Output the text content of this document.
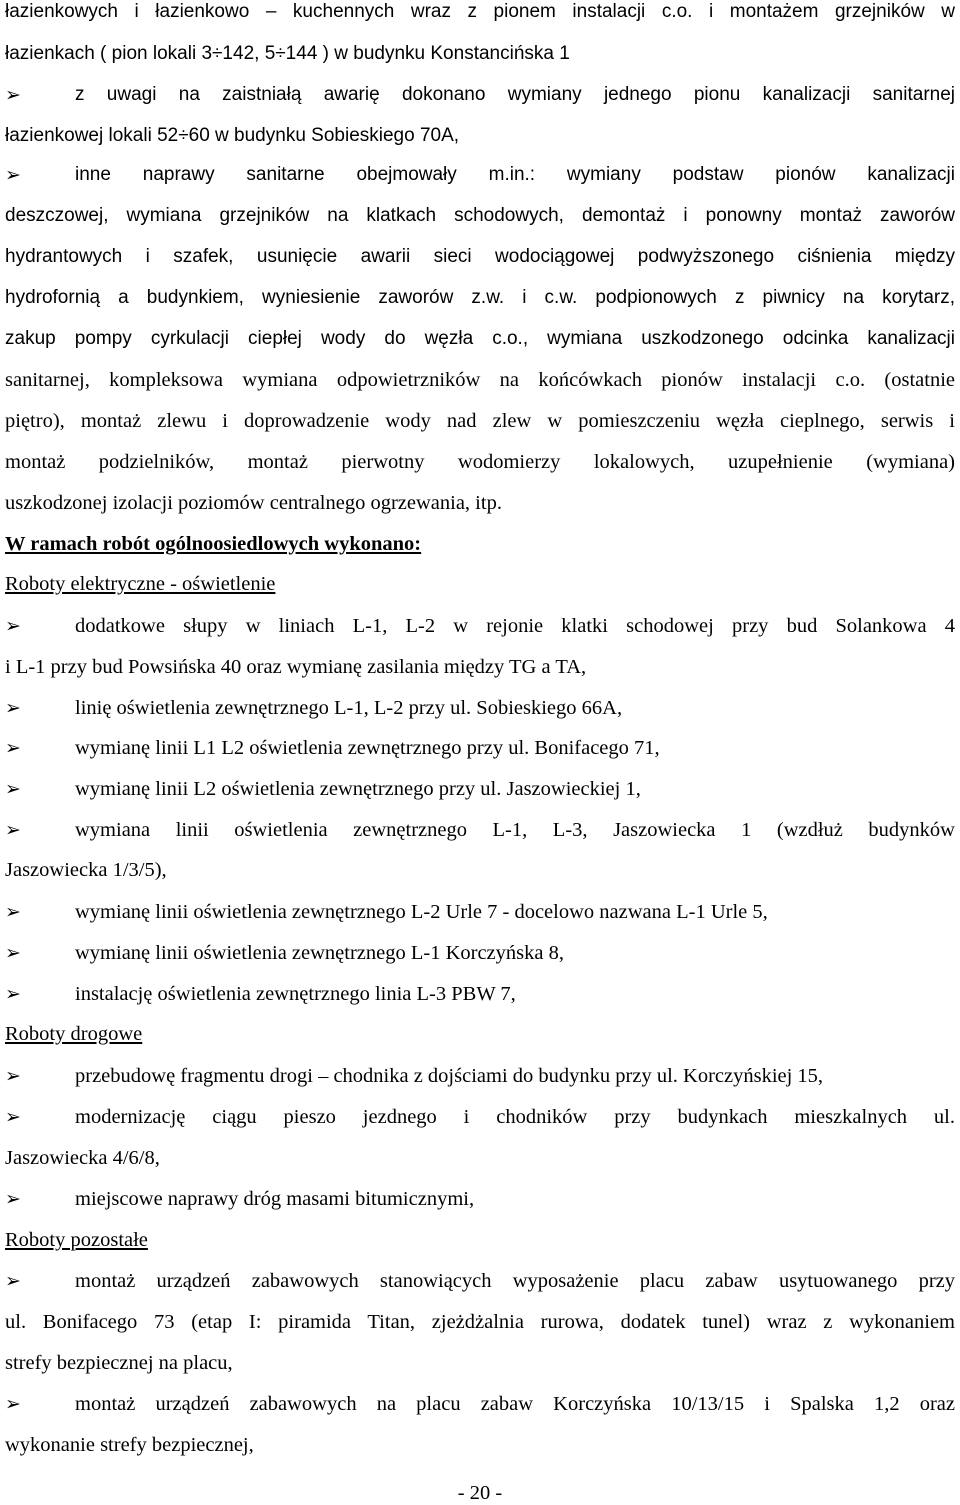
łazienkowych i łazienkowo – kuchennych wraz z pionem instalacji c.o. i montażem grzejników w
łazienkach ( pion lokali 3÷142, 5÷144 ) w budynku Konstancińska 1
➢	z uwagi na zaistniałą awarię dokonano wymiany jednego pionu kanalizacji sanitarnej
łazienkowej lokali 52÷60 w budynku Sobieskiego 70A,
➢	inne naprawy sanitarne obejmowały m.in.: wymiany podstaw pionów kanalizacji
deszczowej, wymiana grzejników na klatkach schodowych, demontaż i ponowny montaż zaworów
hydrantowych i szafek, usunięcie awarii sieci wodociągowej podwyższonego ciśnienia między
hydrofornią a budynkiem, wyniesienie zaworów z.w. i c.w. podpionowych z piwnicy na korytarz,
zakup pompy cyrkulacji ciepłej wody do węzła c.o., wymiana uszkodzonego odcinka kanalizacji
sanitarnej, kompleksowa wymiana odpowietrzników na końcówkach pionów instalacji c.o. (ostatnie
piętro), montaż zlewu i doprowadzenie wody nad zlew w pomieszczeniu węzła cieplnego, serwis i
montaż podzielników, montaż pierwotny wodomierzy lokalowych, uzupełnienie (wymiana)
uszkodzonej izolacji poziomów centralnego ogrzewania, itp.
W ramach robót ogólnoosiedlowych wykonano:
Roboty elektryczne - oświetlenie
➢	dodatkowe słupy w liniach L-1, L-2 w rejonie klatki schodowej przy bud Solankowa 4
i L-1 przy bud Powsińska 40 oraz wymianę zasilania między TG a TA,
➢	linię oświetlenia zewnętrznego L-1, L-2 przy ul. Sobieskiego 66A,
➢	wymianę linii L1 L2 oświetlenia zewnętrznego przy ul. Bonifacego 71,
➢	wymianę linii L2 oświetlenia zewnętrznego przy ul. Jaszowieckiej 1,
➢	wymiana linii oświetlenia zewnętrznego L-1, L-3, Jaszowiecka 1 (wzdłuż budynków
Jaszowiecka 1/3/5),
➢	wymianę linii oświetlenia zewnętrznego L-2 Urle 7 - docelowo nazwana L-1 Urle 5,
➢	wymianę linii oświetlenia zewnętrznego L-1 Korczyńska 8,
➢	instalację oświetlenia zewnętrznego linia L-3 PBW 7,
Roboty drogowe
➢	przebudowę fragmentu drogi – chodnika z dojściami do budynku przy ul. Korczyńskiej 15,
➢	modernizację ciągu pieszo jezdnego i chodników przy budynkach mieszkalnych ul.
Jaszowiecka 4/6/8,
➢	miejscowe naprawy dróg masami bitumicznymi,
Roboty pozostałe
➢	montaż urządzeń zabawowych stanowiących wyposażenie placu zabaw usytuowanego przy
ul. Bonifacego 73 (etap I: piramida Titan, zjeżdżalnia rurowa, dodatek tunel) wraz z wykonaniem
strefy bezpiecznej na placu,
➢	montaż urządzeń zabawowych na placu zabaw Korczyńska 10/13/15 i Spalska 1,2 oraz
wykonanie strefy bezpiecznej,
- 20 -
